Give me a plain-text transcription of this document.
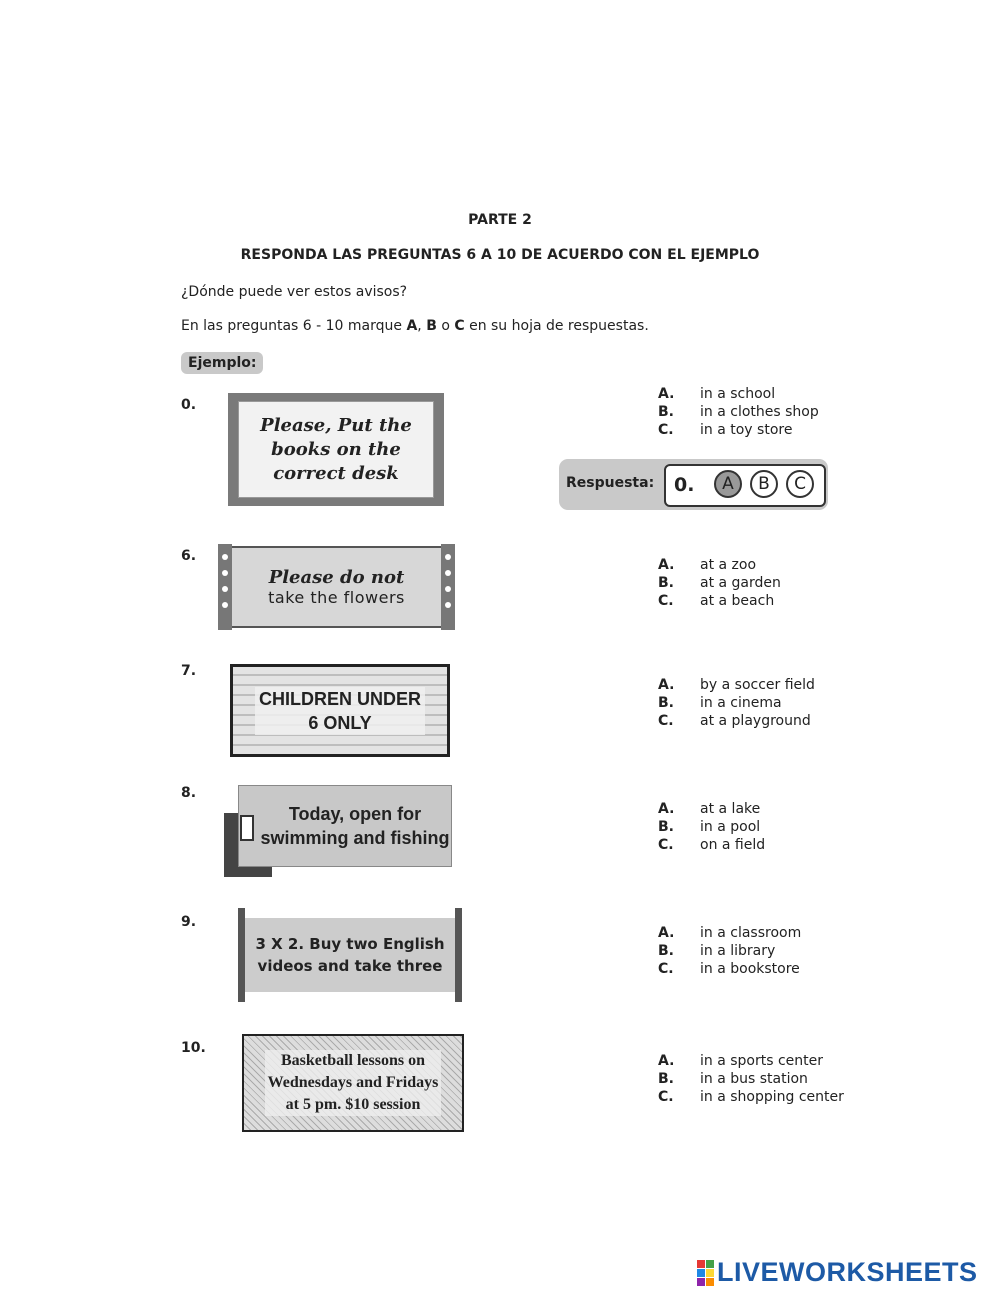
PARTE 2
RESPONDA LAS PREGUNTAS 6 A 10 DE ACUERDO CON EL EJEMPLO
¿Dónde puede ver estos avisos?
En las preguntas 6 - 10 marque A, B o C en su hoja de respuestas.
Ejemplo:
0.
Please, Put the
books on the
correct desk
A.	in a school
B.	in a clothes shop
C.	in a toy store
Respuesta: 0.	A	B	C
6.
Please do not
take the flowers
A.	at a zoo
B.	at a garden
C.	at a beach
7.
CHILDREN UNDER
6 ONLY
A.	by a soccer field
B.	in a cinema
C.	at a playground
8.
Today, open for
swimming and fishing
A.	at a lake
B.	in a pool
C.	on a field
9.
3 X 2. Buy two English
videos and take three
A.	in a classroom
B.	in a library
C.	in a bookstore
10.
Basketball lessons on
Wednesdays and Fridays
at 5 pm. $10 session
A.	in a sports center
B.	in a bus station
C.	in a shopping center
LIVEWORKSHEETS
